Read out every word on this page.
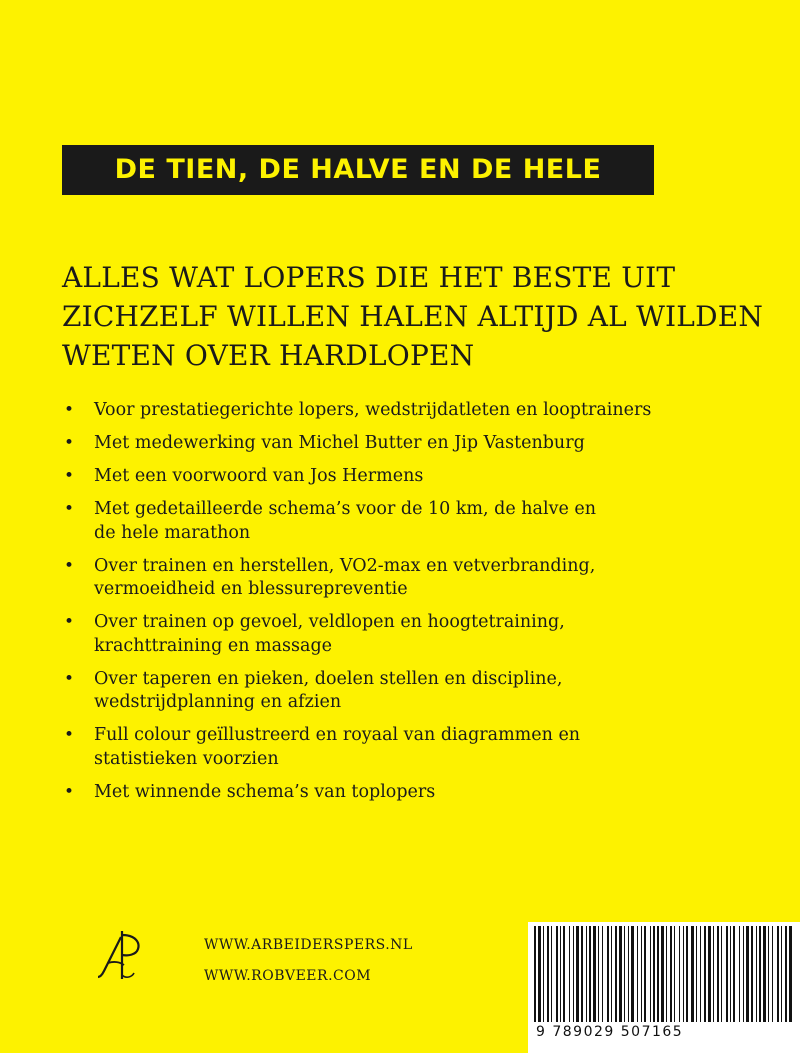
DE TIEN, DE HALVE EN DE HELE
ALLES WAT LOPERS DIE HET BESTE UIT
ZICHZELF WILLEN HALEN ALTIJD AL WILDEN
WETEN OVER HARDLOPEN
• Voor prestatiegerichte lopers, wedstrijdatleten en looptrainers
• Met medewerking van Michel Butter en Jip Vastenburg
• Met een voorwoord van Jos Hermens
• Met gedetailleerde schema’s voor de 10 km, de halve en
de hele marathon
• Over trainen en herstellen, VO2-max en vetverbranding,
vermoeidheid en blessurepreventie
• Over trainen op gevoel, veldlopen en hoogtetraining,
krachttraining en massage
• Over taperen en pieken, doelen stellen en discipline,
wedstrijdplanning en afzien
• Full colour geïllustreerd en royaal van diagrammen en
statistieken voorzien
• Met winnende schema’s van toplopers
WWW.ARBEIDERSPERS.NL
WWW.ROBVEER.COM
9 789029 507165
